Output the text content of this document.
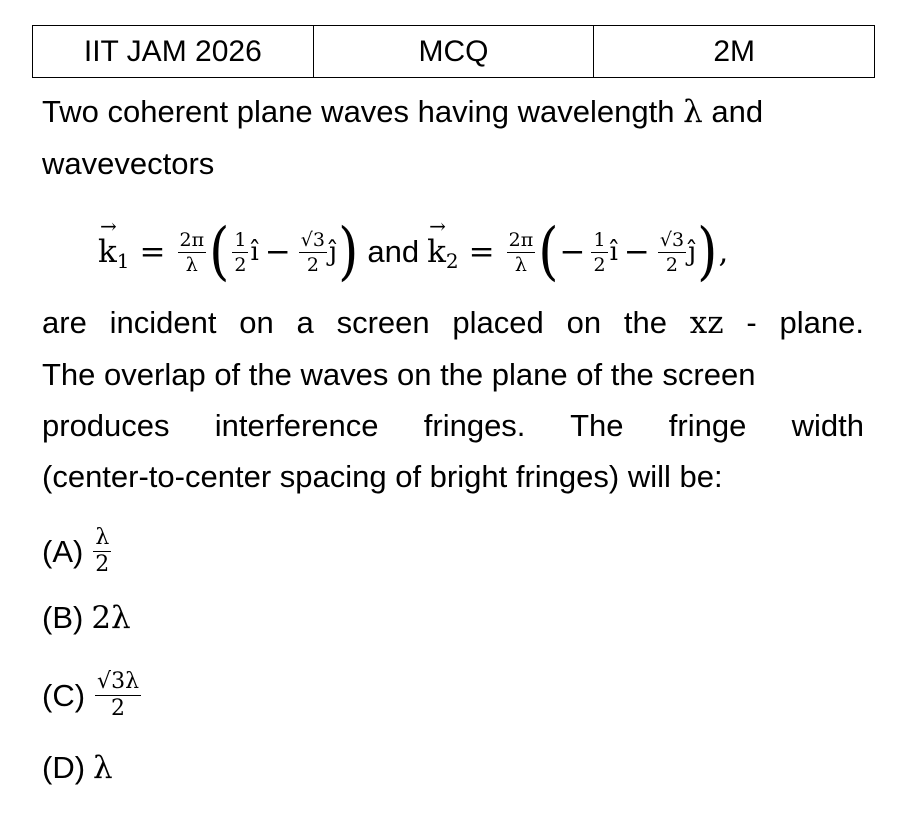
IIT JAM 2026	MCQ	2M
Two coherent plane waves having wavelength λ and
wavevectors
→ k $1 = \frac{2\pi}{\lambda}$ ( $\frac{1}{2}$ î − $\frac{√3}{2}$ ĵ ) and
→ k $2 = \frac{2\pi}{\lambda}$ ( − $\frac{1}{2}$ î − $\frac{√3}{2}$ ĵ ) ,
are incident on a screen placed on the xz - plane.
The overlap of the waves on the plane of the screen
produces interference fringes. The fringe width
(center-to-center spacing of bright fringes) will be:
$(A) \frac{\lambda}{2}$
(B) 2λ
$(C) \frac{√3\lambda}{2}$
(D) λ
